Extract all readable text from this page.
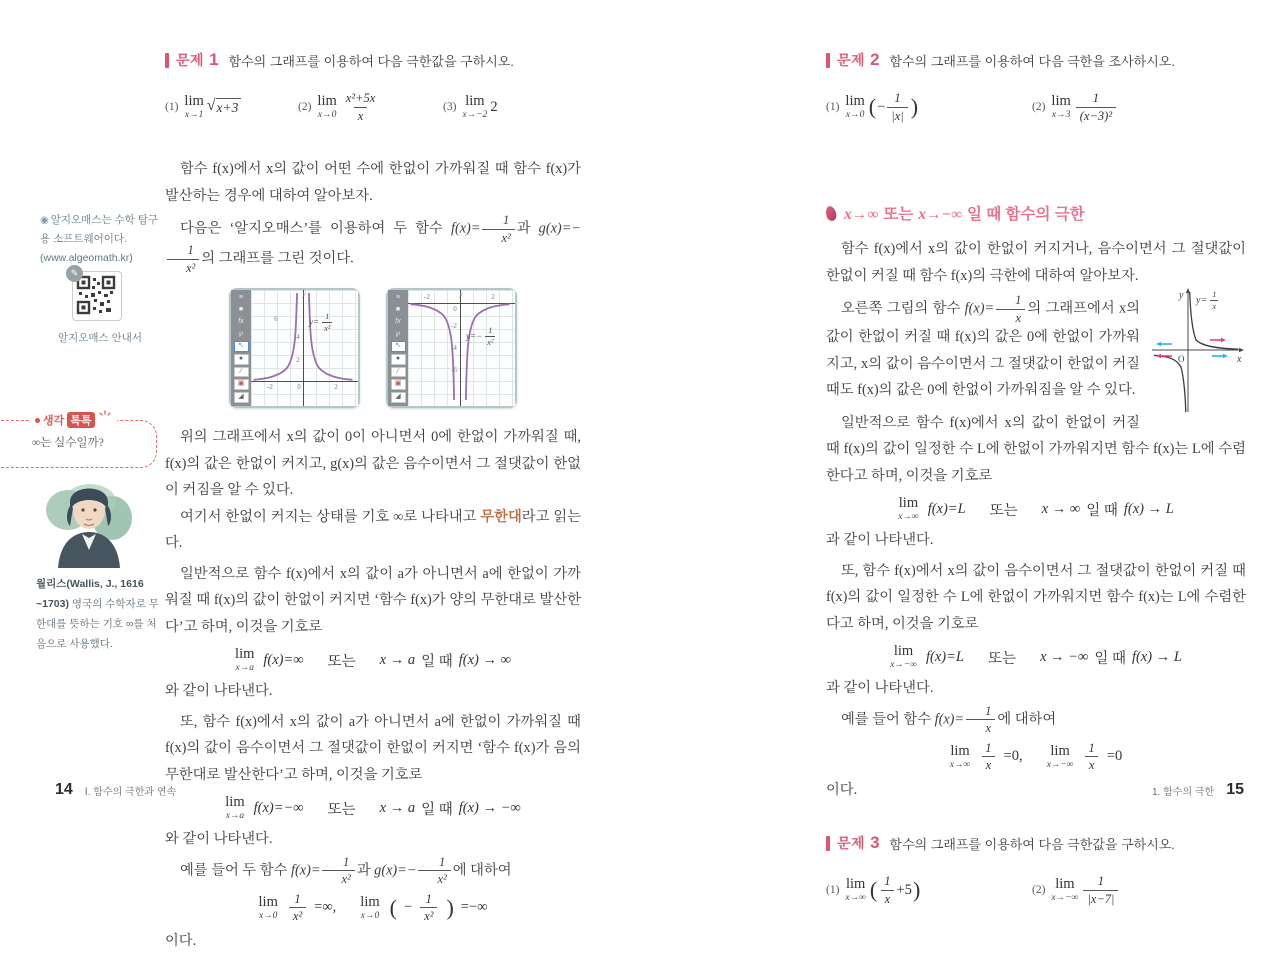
◉ 알지오매스는 수학 탐구용 소프트웨어이다. (www.algeomath.kr)
✎
알지오매스 안내서
생각 톡톡
∞는 실수일까?
월리스(Wallis, J., 1616 ~1703) 영국의 수학자로 무한대를 뜻하는 기호 ∞를 처음으로 사용했다.
문제 1 함수의 그래프를 이용하여 다음 극한값을 구하시오.
(1) lim
x→1
√ x+3	(2) lim
$x\to 0 \frac{\text{x²+5x}}{x}$	(3) lim
x→−2
2

함수 f(x)에서 x의 값이 어떤 수에 한없이 가까워질 때 함수 f(x)가 발산하는 경우에 대하여 알아보자.

다음은 ‘알지오매스’를 이용하여 두 함수 $f(x)= \frac{1}{\text{x²}}$ 과 g(x)=−
$\frac{1}{\text{x²}}$ 의 그래프를 그린 것이다.

≡
■
fx
℘
↖
●
∕
▣
◢
y
6
4
2
-2	0	2
$y= \frac{1}{\text{x²}}$
≡
■
fx
℘
↖
●
∕
▣
◢
y
0
-2	2
-2
-4
-6
$y=- \frac{1}{\text{x²}}$

위의 그래프에서 x의 값이 0이 아니면서 0에 한없이 가까워질 때, f(x)의 값은 한없이 커지고, g(x)의 값은 음수이면서 그 절댓값이 한없이 커짐을 알 수 있다.

여기서 한없이 커지는 상태를 기호 ∞로 나타내고 무한대라고 읽는다.

일반적으로 함수 f(x)에서 x의 값이 a가 아니면서 a에 한없이 가까워질 때 f(x)의 값이 한없이 커지면 ‘함수 f(x)가 양의 무한대로 발산한다’고 하며, 이것을 기호로

lim
x→a
f(x)=∞ 또는 x → a 일 때 f(x) → ∞

와 같이 나타낸다.

또, 함수 f(x)에서 x의 값이 a가 아니면서 a에 한없이 가까워질 때 f(x)의 값이 음수이면서 그 절댓값이 한없이 커지면 ‘함수 f(x)가 음의 무한대로 발산한다’고 하며, 이것을 기호로

lim
x→a
f(x)=−∞ 또는 x → a 일 때 f(x) → −∞

와 같이 나타낸다.

예를 들어 두 함수 $f(x)= \frac{1}{\text{x²}}$ 과 $g(x)=- \frac{1}{\text{x²}}$ 에 대하여

lim
$x\to 0 \frac{1}{\text{x²}}$ =∞, lim
x→0 ( − $\frac{1}{\text{x²}}$ ) =−∞

이다.

문제 2 함수의 그래프를 이용하여 다음 극한을 조사하시오.
(1) lim
x→0 ( − $\frac{1}{|x|}$ )	(2) lim
$x\to 3 \frac{1}{\text{(x−3)²}}$
x→∞ 또는 x→−∞ 일 때 함수의 극한

함수 f(x)에서 x의 값이 한없이 커지거나, 음수이면서 그 절댓값이 한없이 커질 때 함수 f(x)의 극한에 대하여 알아보자.

y
x
O
$y= \frac{1}{x}$

오른쪽 그림의 함수 $f(x)= \frac{1}{x}$ 의 그래프에서 x의 값이 한없이 커질 때 f(x)의 값은 0에 한없이 가까워지고, x의 값이 음수이면서 그 절댓값이 한없이 커질 때도 f(x)의 값은 0에 한없이 가까워짐을 알 수 있다.

일반적으로 함수 f(x)에서 x의 값이 한없이 커질 때 f(x)의 값이 일정한 수 L에 한없이 가까워지면 함수 f(x)는 L에 수렴한다고 하며, 이것을 기호로

lim
x→∞
f(x)=L 또는 x → ∞ 일 때 f(x) → L

과 같이 나타낸다.

또, 함수 f(x)에서 x의 값이 음수이면서 그 절댓값이 한없이 커질 때 f(x)의 값이 일정한 수 L에 한없이 가까워지면 함수 f(x)는 L에 수렴한다고 하며, 이것을 기호로

lim
x→−∞
f(x)=L 또는 x → −∞ 일 때 f(x) → L

과 같이 나타낸다.

예를 들어 함수 $f(x)= \frac{1}{x}$ 에 대하여

lim
$x\to\infty \frac{1}{x} =0$, lim
$x\to-\infty \frac{1}{x} =0$

이다.

문제 3 함수의 그래프를 이용하여 다음 극한값을 구하시오.
(1) lim
x→∞ ( $\frac{1}{x} +5$ )	(2) lim
$x\to-\infty \frac{1}{|x-7|}$
14 Ⅰ. 함수의 극한과 연속	1. 함수의 극한 15
